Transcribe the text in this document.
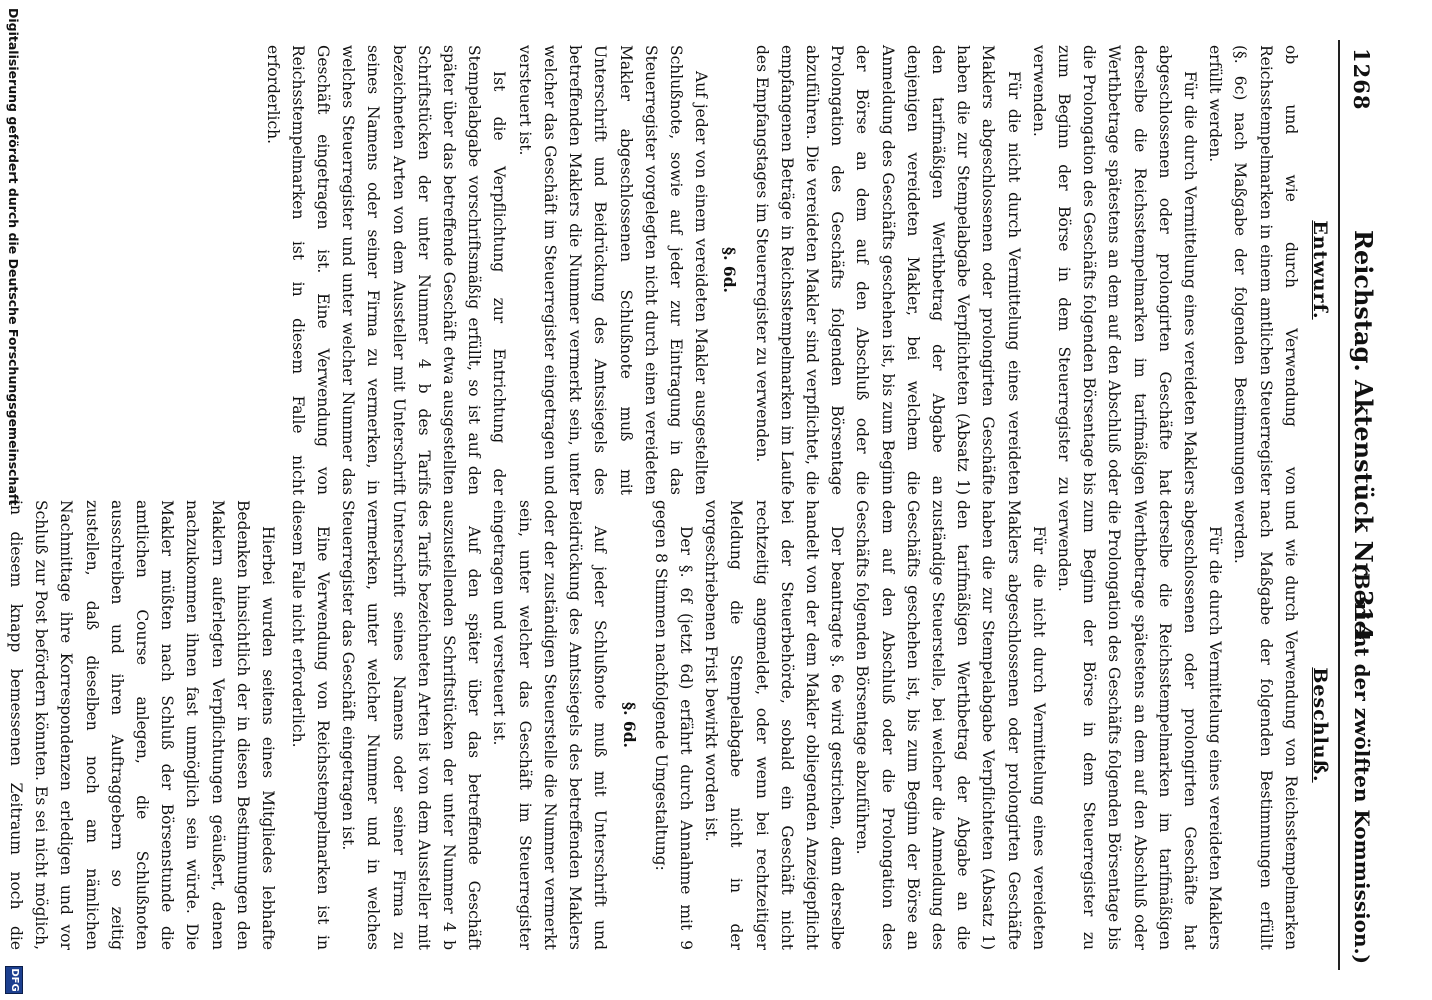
1268
Reichstag. Aktenstück Nr. 314.
(Bericht der zwölften Kommission.)
Entwurf.

ob und wie durch Verwendung von Reichsstempelmarken in einem amtlichen Steuerregister (§. 6c) nach Maßgabe der folgenden Bestimmungen erfüllt werden.

Für die durch Vermittelung eines vereideten Maklers abgeschlossenen oder prolongirten Geschäfte hat derselbe die Reichsstempelmarken im tarifmäßigen Werthbetrage spätestens an dem auf den Abschluß oder die Prolongation des Geschäfts folgenden Börsentage bis zum Beginn der Börse in dem Steuerregister zu verwenden.

Für die nicht durch Vermittelung eines vereideten Maklers abgeschlossenen oder prolongirten Geschäfte haben die zur Stempelabgabe Verpflichteten (Absatz 1) den tarifmäßigen Werthbetrag der Abgabe an denjenigen vereideten Makler, bei welchem die Anmeldung des Geschäfts geschehen ist, bis zum Beginn der Börse an dem auf den Abschluß oder die Prolongation des Geschäfts folgenden Börsentage abzuführen. Die vereideten Makler sind verpflichtet, die empfangenen Beträge in Reichsstempelmarken im Laufe des Empfangstages im Steuerregister zu verwenden.

§. 6d.

Auf jeder von einem vereideten Makler ausgestellten Schlußnote, sowie auf jeder zur Eintragung in das Steuerregister vorgelegten nicht durch einen vereideten Makler abgeschlossenen Schlußnote muß mit Unterschrift und Beidrückung des Amtssiegels des betreffenden Maklers die Nummer vermerkt sein, unter welcher das Geschäft im Steuerregister eingetragen und versteuert ist.

Ist die Verpflichtung zur Entrichtung der Stempelabgabe vorschriftsmäßig erfüllt, so ist auf den später über das betreffende Geschäft etwa ausgestellten Schriftstücken der unter Nummer 4 b des Tarifs bezeichneten Arten von dem Aussteller mit Unterschrift seines Namens oder seiner Firma zu vermerken, in welches Steuerregister und unter welcher Nummer das Geschäft eingetragen ist. Eine Verwendung von Reichsstempelmarken ist in diesem Falle nicht erforderlich.

Beschluß.

und wie durch Verwendung von Reichsstempelmarken nach Maßgabe der folgenden Bestimmungen erfüllt werden.

Für die durch Vermittelung eines vereideten Maklers abgeschlossenen oder prolongirten Geschäfte hat derselbe die Reichsstempelmarken im tarifmäßigen Werthbetrage spätestens an dem auf den Abschluß oder die Prolongation des Geschäfts folgenden Börsentage bis zum Beginn der Börse in dem Steuerregister zu verwenden.

Für die nicht durch Vermittelung eines vereideten Maklers abgeschlossenen oder prolongirten Geschäfte haben die zur Stempelabgabe Verpflichteten (Absatz 1) den tarifmäßigen Werthbetrag der Abgabe an die zuständige Steuerstelle, bei welcher die Anmeldung des Geschäfts geschehen ist, bis zum Beginn der Börse an dem auf den Abschluß oder die Prolongation des Geschäfts folgenden Börsentage abzuführen.

Der beantragte §. 6e wird gestrichen, denn derselbe handelt von der dem Makler obliegenden Anzeigepflicht bei der Steuerbehörde, sobald ein Geschäft nicht rechtzeitig angemeldet, oder wenn bei rechtzeitiger Meldung die Stempelabgabe nicht in der vorgeschriebenen Frist bewirkt worden ist.

Der §. 6f (jetzt 6d) erfährt durch Annahme mit 9 gegen 8 Stimmen nachfolgende Umgestaltung:

§. 6d.

Auf jeder Schlußnote muß mit Unterschrift und Beidrückung des Amtssiegels des betreffenden Maklers oder der zuständigen Steuerstelle die Nummer vermerkt sein, unter welcher das Geschäft im Steuerregister eingetragen und versteuert ist.

Auf den später über das betreffende Geschäft auszustellenden Schriftstücken der unter Nummer 4 b des Tarifs bezeichneten Arten ist von dem Aussteller mit Unterschrift seines Namens oder seiner Firma zu vermerken, unter welcher Nummer und in welches Steuerregister das Geschäft eingetragen ist.

Eine Verwendung von Reichsstempelmarken ist in diesem Falle nicht erforderlich.

Hierbei wurden seitens eines Mitgliedes lebhafte Bedenken hinsichtlich der in diesen Bestimmungen den Maklern auferlegten Verpflichtungen geäußert, denen nachzukommen ihnen fast unmöglich sein würde. Die Makler müßten nach Schluß der Börsenstunde die amtlichen Course anlegen, die Schlußnoten ausschreiben und ihren Auftraggebern so zeitig zustellen, daß dieselben noch am nämlichen Nachmittage ihre Korrespondenzen erledigen und vor Schluß zur Post befördern könnten. Es sei nicht möglich, in diesem knapp bemessenen Zeitraum noch die

Digitalisierung gefördert durch die Deutsche Forschungsgemeinschaft
DFG
